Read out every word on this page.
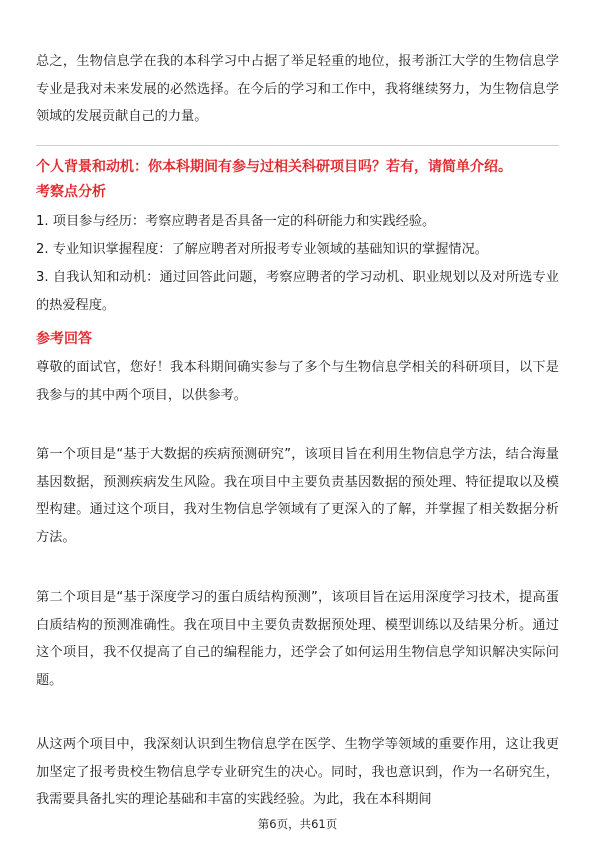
总之，生物信息学在我的本科学习中占据了举足轻重的地位，报考浙江大学的生物信息学专业是我对未来发展的必然选择。在今后的学习和工作中，我将继续努力，为生物信息学领域的发展贡献自己的力量。

个人背景和动机：你本科期间有参与过相关科研项目吗？若有，请简单介绍。
考察点分析

1. 项目参与经历：考察应聘者是否具备一定的科研能力和实践经验。

2. 专业知识掌握程度：了解应聘者对所报考专业领域的基础知识的掌握情况。

3. 自我认知和动机：通过回答此问题，考察应聘者的学习动机、职业规划以及对所选专业的热爱程度。

参考回答

尊敬的面试官，您好！我本科期间确实参与了多个与生物信息学相关的科研项目，以下是我参与的其中两个项目，以供参考。

第一个项目是“基于大数据的疾病预测研究”，该项目旨在利用生物信息学方法，结合海量基因数据，预测疾病发生风险。我在项目中主要负责基因数据的预处理、特征提取以及模型构建。通过这个项目，我对生物信息学领域有了更深入的了解，并掌握了相关数据分析方法。

第二个项目是“基于深度学习的蛋白质结构预测”，该项目旨在运用深度学习技术，提高蛋白质结构的预测准确性。我在项目中主要负责数据预处理、模型训练以及结果分析。通过这个项目，我不仅提高了自己的编程能力，还学会了如何运用生物信息学知识解决实际问题。

从这两个项目中，我深刻认识到生物信息学在医学、生物学等领域的重要作用，这让我更加坚定了报考贵校生物信息学专业研究生的决心。同时，我也意识到，作为一名研究生，我需要具备扎实的理论基础和丰富的实践经验。为此，我在本科期间

第6页，共61页
